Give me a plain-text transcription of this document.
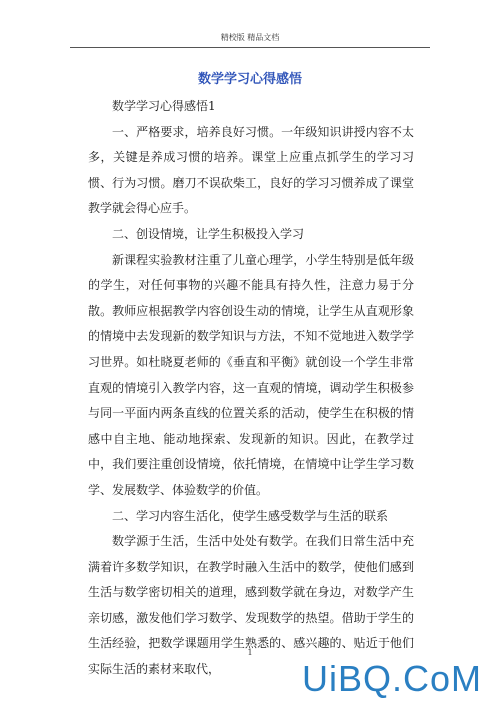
精校版 精品文档
数学学习心得感悟

数学学习心得感悟1

一、严格要求，培养良好习惯。一年级知识讲授内容不太多，关键是养成习惯的培养。课堂上应重点抓学生的学习习惯、行为习惯。磨刀不误砍柴工，良好的学习习惯养成了课堂教学就会得心应手。

二、创设情境，让学生积极投入学习

新课程实验教材注重了儿童心理学，小学生特别是低年级的学生，对任何事物的兴趣不能具有持久性，注意力易于分散。教师应根据教学内容创设生动的情境，让学生从直观形象的情境中去发现新的数学知识与方法，不知不觉地进入数学学习世界。如杜晓夏老师的《垂直和平衡》就创设一个学生非常直观的情境引入教学内容，这一直观的情境，调动学生积极参与同一平面内两条直线的位置关系的活动，使学生在积极的情感中自主地、能动地探索、发现新的知识。因此，在教学过中，我们要注重创设情境，依托情境，在情境中让学生学习数学、发展数学、体验数学的价值。

二、学习内容生活化，使学生感受数学与生活的联系

数学源于生活，生活中处处有数学。在我们日常生活中充满着许多数学知识，在教学时融入生活中的数学，使他们感到生活与数学密切相关的道理，感到数学就在身边，对数学产生亲切感，激发他们学习数学、发现数学的热望。借助于学生的生活经验，把数学课题用学生熟悉的、感兴趣的、贴近于他们实际生活的素材来取代，

1
UiBQ.CoM
